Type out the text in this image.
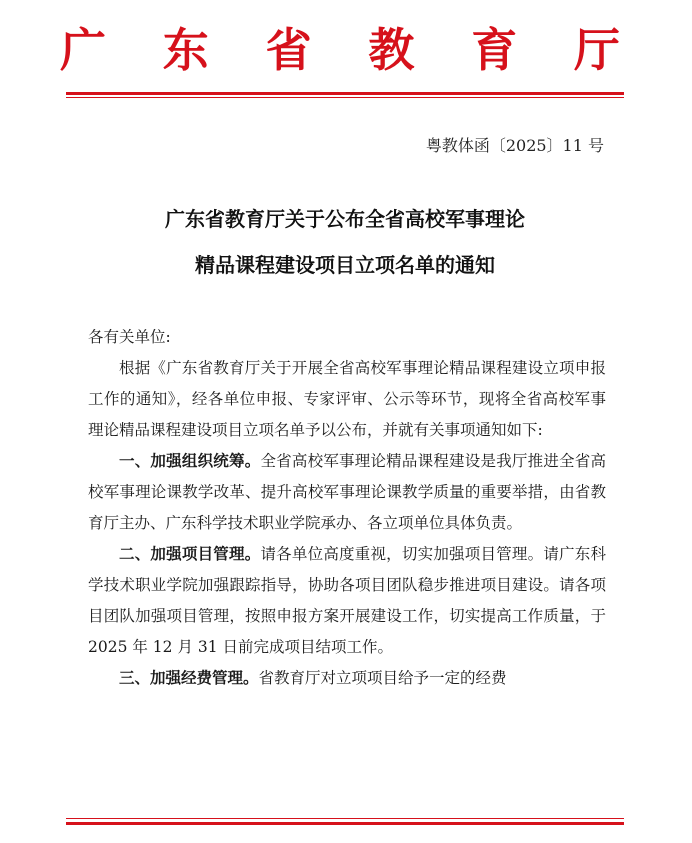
广 东 省 教 育 厅
粤教体函〔2025〕11 号
广东省教育厅关于公布全省高校军事理论
精品课程建设项目立项名单的通知

各有关单位:

根据《广东省教育厅关于开展全省高校军事理论精品课程建设立项申报工作的通知》，经各单位申报、专家评审、公示等环节，现将全省高校军事理论精品课程建设项目立项名单予以公布，并就有关事项通知如下:

一、加强组织统筹。全省高校军事理论精品课程建设是我厅推进全省高校军事理论课教学改革、提升高校军事理论课教学质量的重要举措，由省教育厅主办、广东科学技术职业学院承办、各立项单位具体负责。

二、加强项目管理。请各单位高度重视，切实加强项目管理。请广东科学技术职业学院加强跟踪指导，协助各项目团队稳步推进项目建设。请各项目团队加强项目管理，按照申报方案开展建设工作，切实提高工作质量，于 2025 年 12 月 31 日前完成项目结项工作。

三、加强经费管理。省教育厅对立项项目给予一定的经费
